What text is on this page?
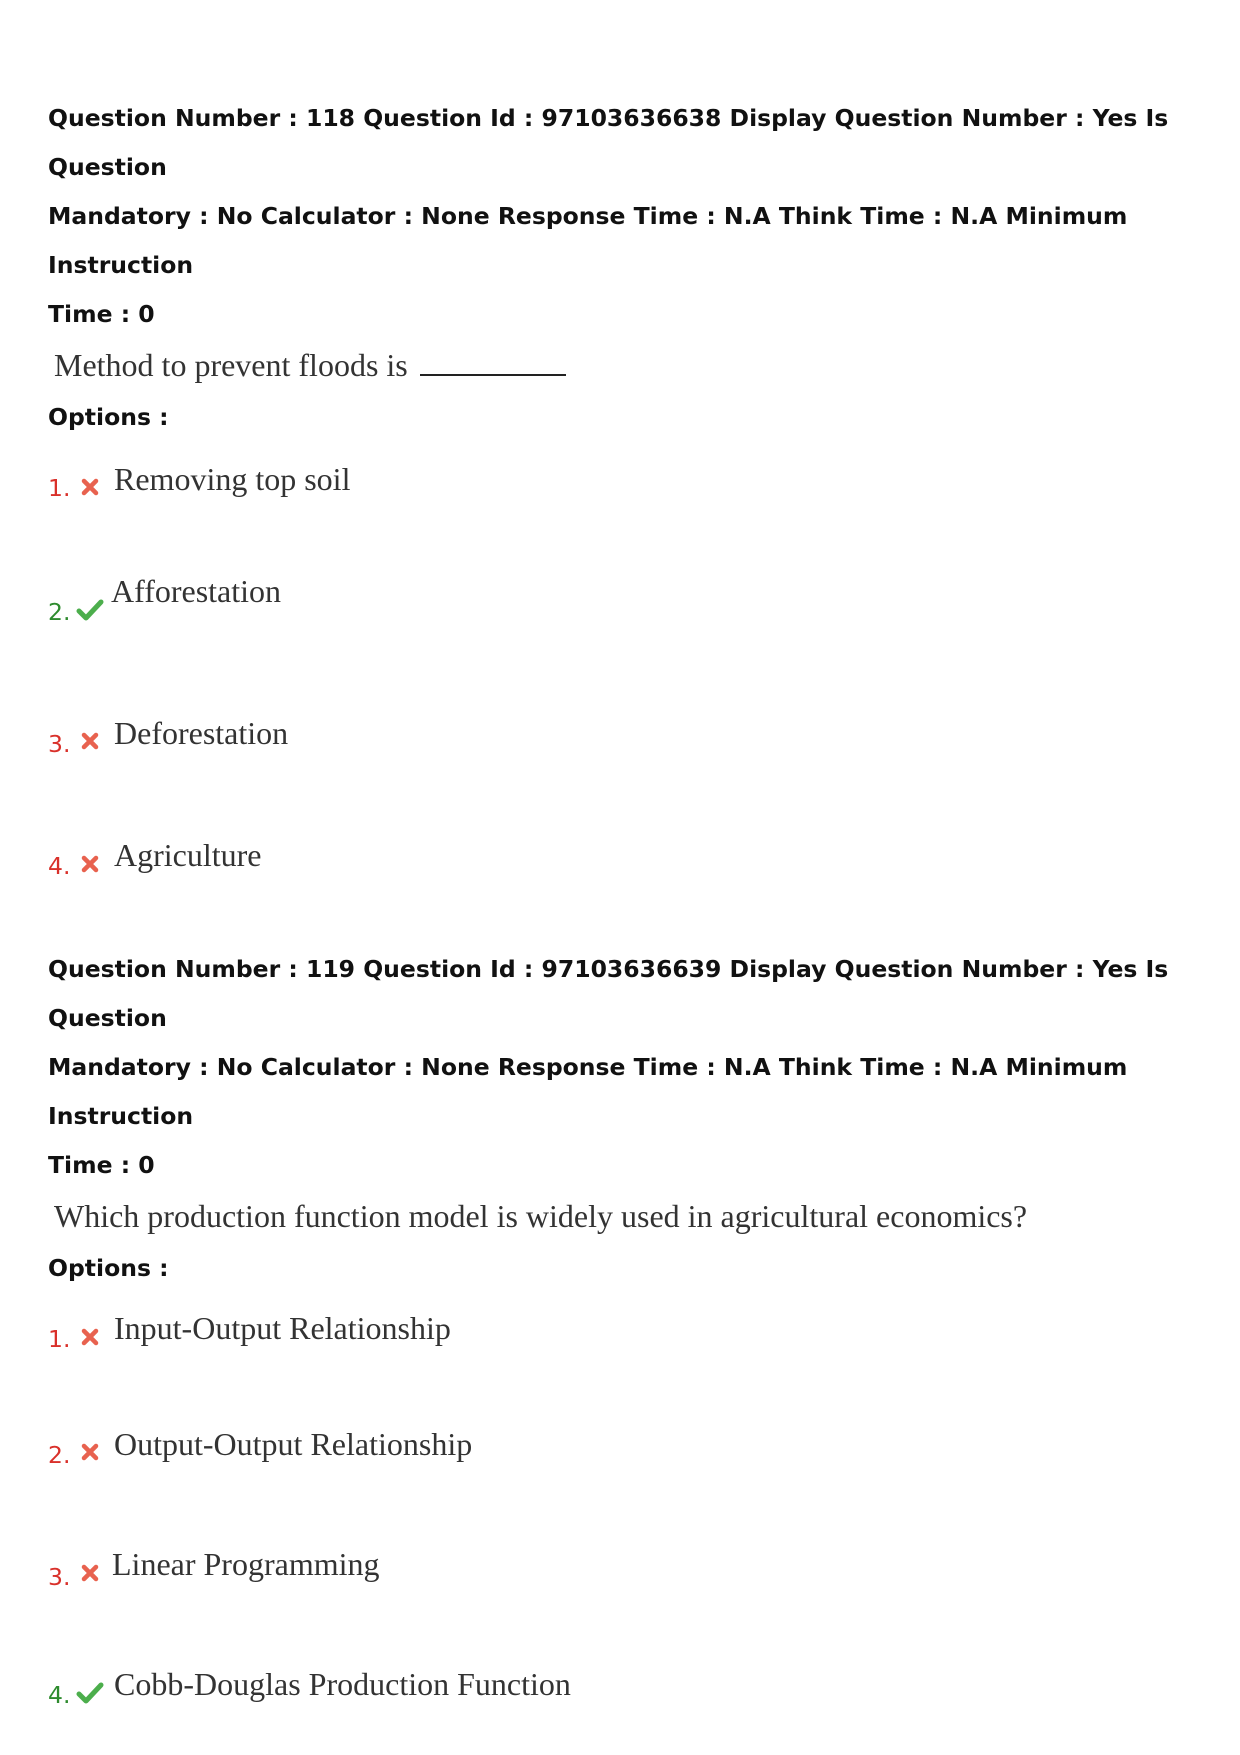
Question Number : 118 Question Id : 97103636638 Display Question Number : Yes Is Question

Mandatory : No Calculator : None Response Time : N.A Think Time : N.A Minimum Instruction

Time : 0

Method to prevent floods is

Options :

1. Removing top soil
2.
Afforestation
3. Deforestation
4. Agriculture

Question Number : 119 Question Id : 97103636639 Display Question Number : Yes Is Question

Mandatory : No Calculator : None Response Time : N.A Think Time : N.A Minimum Instruction

Time : 0

Which production function model is widely used in agricultural economics?

Options :

1. Input-Output Relationship
2. Output-Output Relationship
3. Linear Programming
4. Cobb-Douglas Production Function
